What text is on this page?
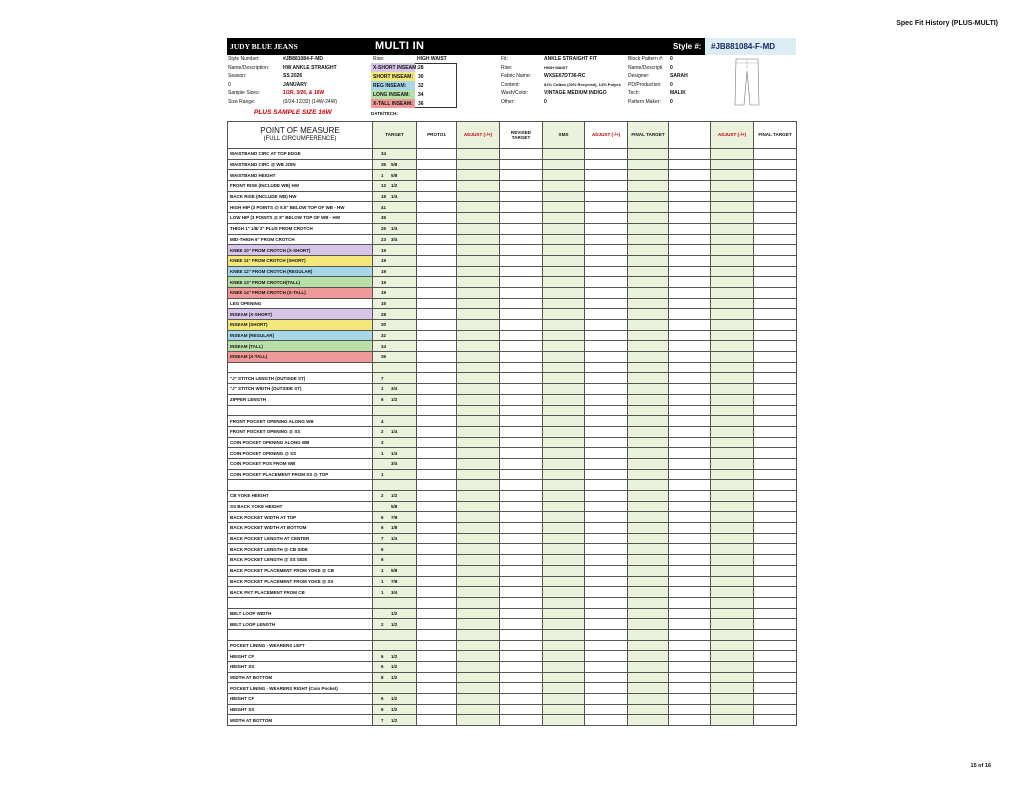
Spec Fit History (PLUS-MULTI)
JUDY BLUE JEANS	MULTI IN	Style #:	#JB881084-F-MD
Style Number:	#JB881084-F-MD
Name/Description:	HW ANKLE STRAIGHT
Season:	SS 2026
0	JANUARY
Sample Sizes:	1/2R, 3/26, & 16W
Size Range:	(0/24-12/32) (14W-24W)
Rise:	HIGH WAIST
X-SHORT INSEAM: 28
SHORT INSEAM:	30
REG INSEAM:	32
LONG INSEAM:	34
X-TALL INSEAM:	36
Fit:	ANKLE STRAIGHT FIT
Rise:	HIGH WAIST
Fabric Name:	WXSE67DT36-RC
Content:	81% Cotton (20% Recycled), 14% Polyes
Wash/Color:	VINTAGE MEDIUM INDIGO
Other:	0
Block Pattern #: 0
Name/Descripti 0
Designer:	SARAH
PD/Production: 0
Tech:	MALIK
Pattern Maker: 0
PLUS SAMPLE SIZE 16W	DATE/TECH:
POINT OF MEASURE
(FULL CIRCUMFERENCE)	TARGET	PROTO1	ADJUST (-/+)	REVISED TARGET	SMS	ADJUST (-/+)	FINAL TARGET		ADJUST (-/+)	FINAL TARGET
WAISTBAND CIRC AT TOP EDGE	34									
WAISTBAND CIRC @ WB JOIN	35 5/8									
WAISTBAND HEIGHT	1 5/8									
FRONT RISE (INCLUDE WB) HW	12 1/2									
BACK RISE (INCLUDE WB) HW	18 1/4									
HIGH HIP (3 POINTS @ 5.5" BELOW TOP OF WB - HW	41									
LOW HIP (3 POINTS @ 8" BELOW TOP OF WB - HW	45									
THIGH 1" 1/8/ 2" PLUS FROM CROTCH	26 1/4									
MID-THIGH 6" FROM CROTCH	23 3/4									
KNEE 10" FROM CROTCH (X-SHORT)	19									
KNEE 11" FROM CROTCH (SHORT)	19									
KNEE 12" FROM CROTCH (REGULAR)	19									
KNEE 13" FROM CROTCH(TALL)	19									
KNEE 14" FROM CROTCH (X-TALL)	19									
LEG OPENING	15									
INSEAM (X-SHORT)	28									
INSEAM (SHORT)	30									
INSEAM (REGULAR)	32									
INSEAM (TALL)	34									
INSEAM (X-TALL)	36									

"J" STITCH LENGTH (OUTSIDE ST)	7									
"J" STITCH WIDTH (OUTSIDE ST)	1 3/4									
ZIPPER LENGTH	6 1/2									

FRONT POCKET OPENING ALONG WB	4									
FRONT POCKET OPENING @ SS	2 1/4									
COIN POCKET OPENING ALONG WB	3									
COIN POCKET OPENING @ SS	1 1/4									
COIN POCKET POS FROM WB	3/4									
COIN POCKET PLACEMENT FROM SS @ TOP	1									

CB YOKE HEIGHT	2 1/2									
SS BACK YOKE HEIGHT	5/8									
BACK POCKET WIDTH AT TOP	6 7/8									
BACK POCKET WIDTH AT BOTTOM	6 1/8									
BACK POCKET LENGTH AT CENTER	7 1/4									
BACK POCKET LENGTH @ CB SIDE	6									
BACK POCKET LENGTH @ SS SIDE	6									
BACK POCKET PLACEMENT FROM YOKE @ CB	1 5/8									
BACK POCKET PLACEMENT FROM YOKE @ SS	1 7/8									
BACK PKT PLACEMENT FROM CB	1 3/4									

BELT LOOP WIDTH	1/2									
BELT LOOP LENGTH	2 1/2									

POCKET LINING - WEARERS LEFT										
HEIGHT CF	6 1/2									
HEIGHT SS	6 1/2									
WIDTH AT BOTTOM	8 1/2									
POCKET LINING - WEARERS RIGHT (Coin Pocket)										
HEIGHT CF	6 1/2									
HEIGHT SS	6 1/2									
WIDTH AT BOTTOM	7 1/2									
15 of 16
